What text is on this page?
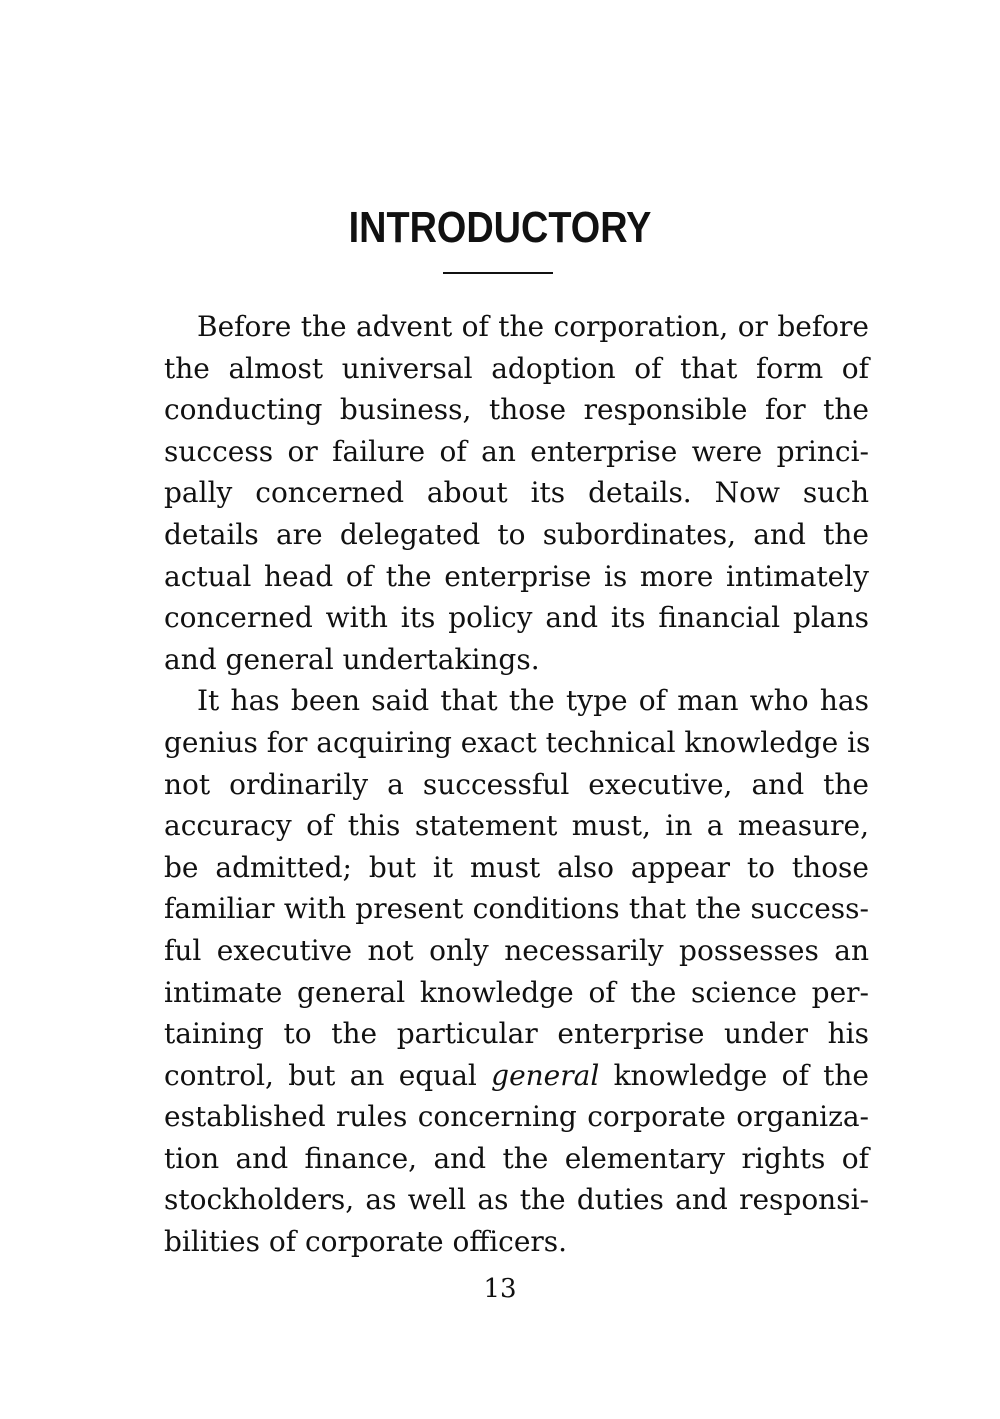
INTRODUCTORY

Before the advent of the corporation, or before
the almost universal adoption of that form of
conducting business, those responsible for the
success or failure of an enterprise were princi-
pally concerned about its details. Now such
details are delegated to subordinates, and the
actual head of the enterprise is more intimately
concerned with its policy and its financial plans
and general undertakings.

It has been said that the type of man who has
genius for acquiring exact technical knowledge is
not ordinarily a successful executive, and the
accuracy of this statement must, in a measure,
be admitted; but it must also appear to those
familiar with present conditions that the success-
ful executive not only necessarily possesses an
intimate general knowledge of the science per-
taining to the particular enterprise under his
control, but an equal general knowledge of the
established rules concerning corporate organiza-
tion and finance, and the elementary rights of
stockholders, as well as the duties and responsi-
bilities of corporate officers.

13
